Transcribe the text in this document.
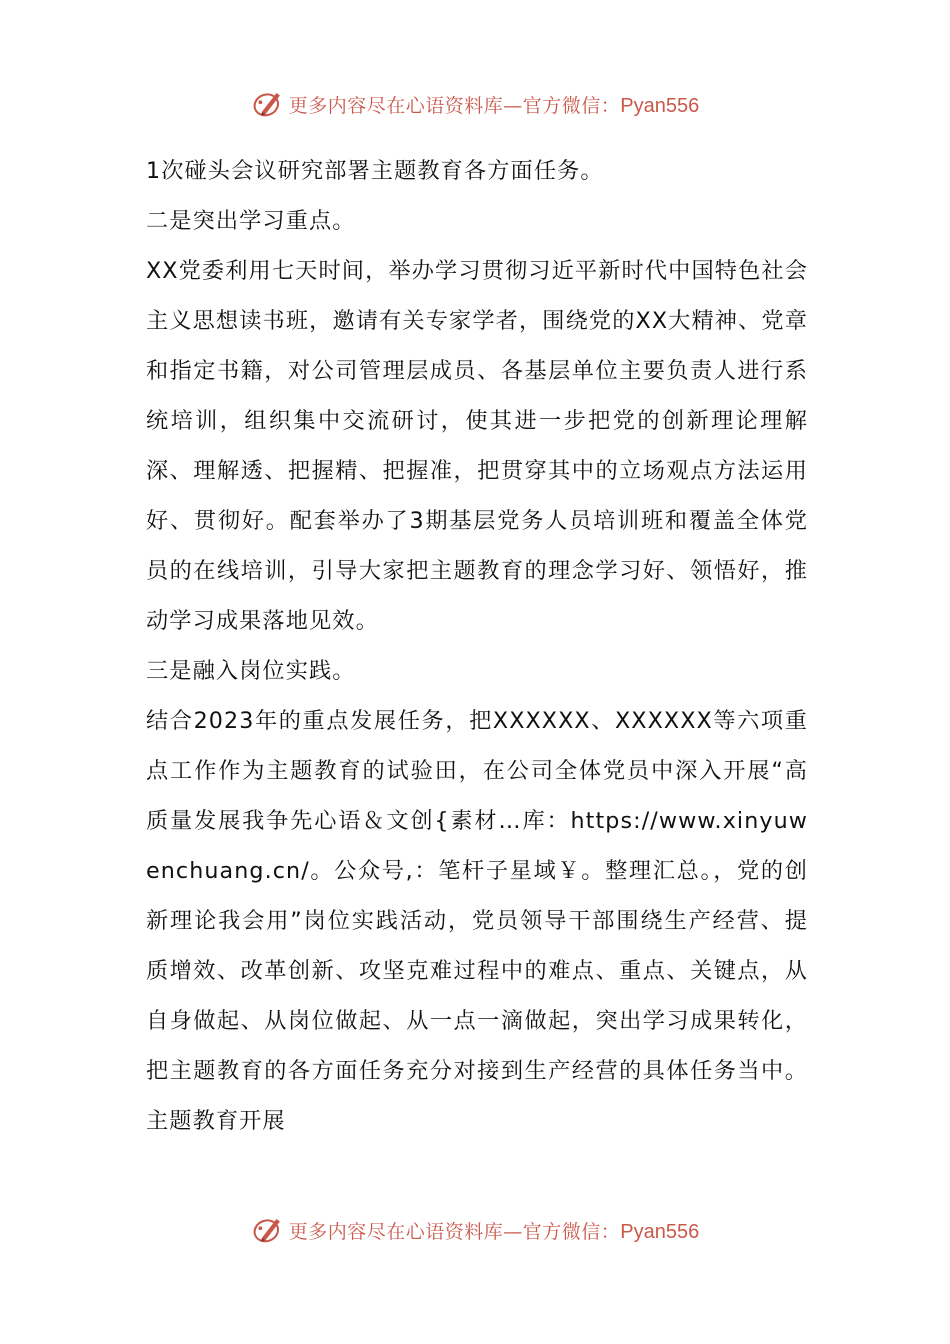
更多内容尽在心语资料库—官方微信：Pyan556

1次碰头会议研究部署主题教育各方面任务。

二是突出学习重点。

XX党委利用七天时间，举办学习贯彻习近平新时代中国特色社会主义思想读书班，邀请有关专家学者，围绕党的XX大精神、党章和指定书籍，对公司管理层成员、各基层单位主要负责人进行系统培训，组织集中交流研讨，使其进一步把党的创新理论理解深、理解透、把握精、把握准，把贯穿其中的立场观点方法运用好、贯彻好。配套举办了3期基层党务人员培训班和覆盖全体党员的在线培训，引导大家把主题教育的理念学习好、领悟好，推动学习成果落地见效。

三是融入岗位实践。

结合2023年的重点发展任务，把XXXXXX、XXXXXX等六项重点工作作为主题教育的试验田，在公司全体党员中深入开展“高质量发展我争先心语＆文创{素材…库：https://www.xinyuwenchuang.cn/。公众号,：笔杆子星域￥。整理汇总。，党的创新理论我会用”岗位实践活动，党员领导干部围绕生产经营、提质增效、改革创新、攻坚克难过程中的难点、重点、关键点，从自身做起、从岗位做起、从一点一滴做起，突出学习成果转化，把主题教育的各方面任务充分对接到生产经营的具体任务当中。主题教育开展

更多内容尽在心语资料库—官方微信：Pyan556
